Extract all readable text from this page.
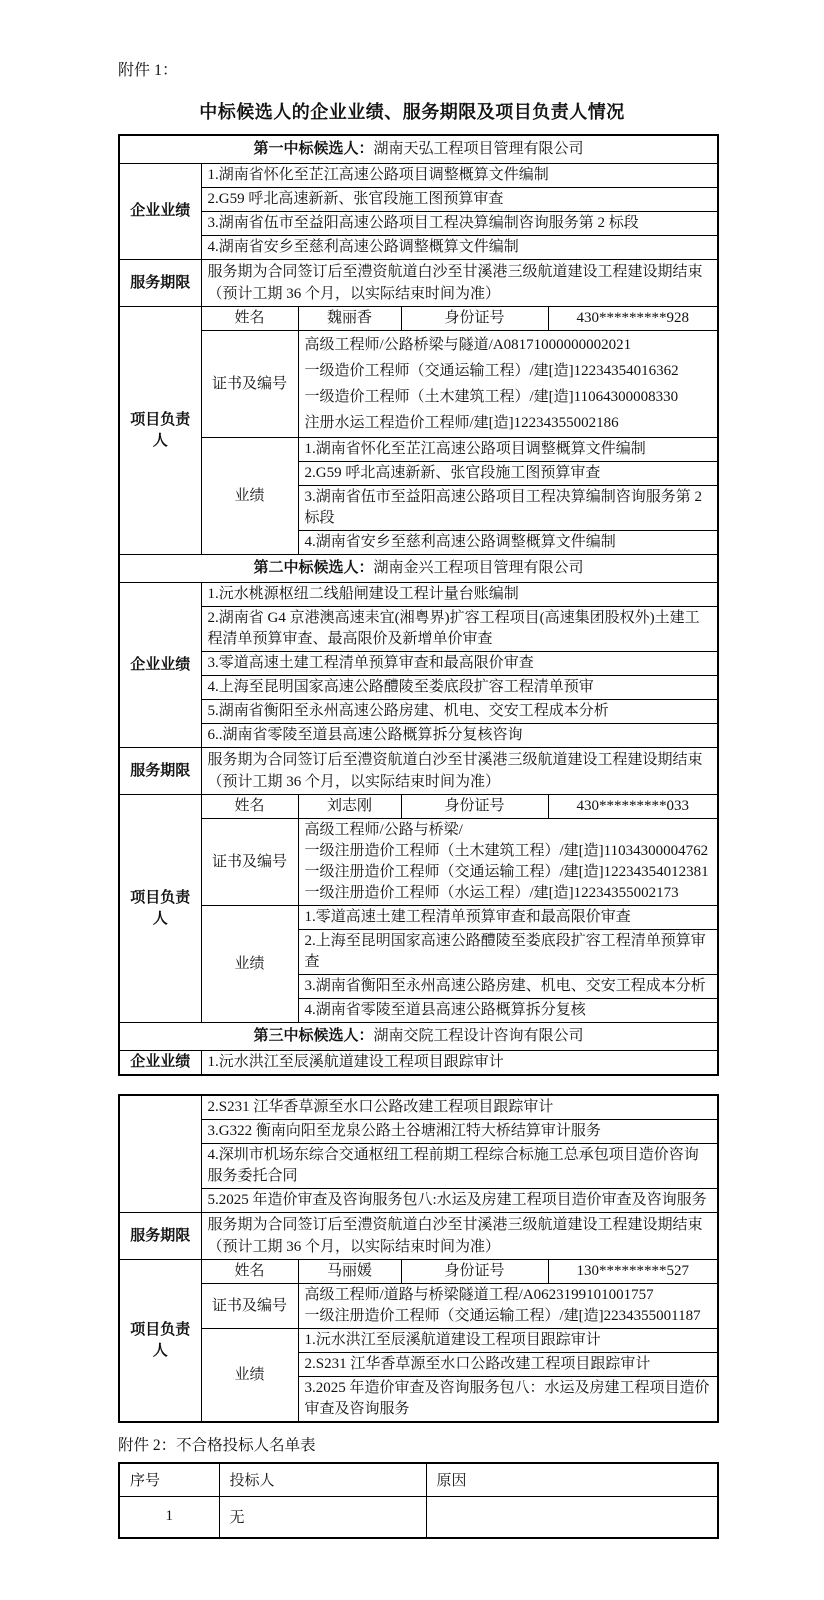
附件 1：

中标候选人的企业业绩、服务期限及项目负责人情况
第一中标候选人：湖南天弘工程项目管理有限公司				
企业业绩	1.湖南省怀化至芷江高速公路项目调整概算文件编制			
	2.G59 呼北高速新新、张官段施工图预算审查			
	3.湖南省伍市至益阳高速公路项目工程决算编制咨询服务第 2 标段			
	4.湖南省安乡至慈利高速公路调整概算文件编制			
服务期限	服务期为合同签订后至澧资航道白沙至甘溪港三级航道建设工程建设期结束（预计工期 36 个月，以实际结束时间为准）			
项目负责人	姓名	魏丽香	身份证号	430*********928
	证书及编号	高级工程师/公路桥梁与隧道/A08171000000002021

一级造价工程师（交通运输工程）/建[造]12234354016362

一级造价工程师（土木建筑工程）/建[造]11064300008330

注册水运工程造价工程师/建[造]12234355002186		

	业绩	1.湖南省怀化至芷江高速公路项目调整概算文件编制		
		2.G59 呼北高速新新、张官段施工图预算审查		
		3.湖南省伍市至益阳高速公路项目工程决算编制咨询服务第 2 标段		
		4.湖南省安乡至慈利高速公路调整概算文件编制		
第二中标候选人：湖南金兴工程项目管理有限公司				
企业业绩	1.沅水桃源枢纽二线船闸建设工程计量台账编制			
	2.湖南省 G4 京港澳高速耒宜(湘粤界)扩容工程项目(高速集团股权外)土建工程清单预算审查、最高限价及新增单价审查			
	3.零道高速土建工程清单预算审查和最高限价审查			
	4.上海至昆明国家高速公路醴陵至娄底段扩容工程清单预审			
	5.湖南省衡阳至永州高速公路房建、机电、交安工程成本分析			
	6..湖南省零陵至道县高速公路概算拆分复核咨询			
服务期限	服务期为合同签订后至澧资航道白沙至甘溪港三级航道建设工程建设期结束（预计工期 36 个月，以实际结束时间为准）			
项目负责人	姓名	刘志刚	身份证号	430*********033
	证书及编号	高级工程师/公路与桥梁/

一级注册造价工程师（土木建筑工程）/建[造]11034300004762

一级注册造价工程师（交通运输工程）/建[造]12234354012381

一级注册造价工程师（水运工程）/建[造]12234355002173		

	业绩	1.零道高速土建工程清单预算审查和最高限价审查		
		2.上海至昆明国家高速公路醴陵至娄底段扩容工程清单预算审查		
		3.湖南省衡阳至永州高速公路房建、机电、交安工程成本分析		
		4.湖南省零陵至道县高速公路概算拆分复核		
第三中标候选人：湖南交院工程设计咨询有限公司				
企业业绩	1.沅水洪江至辰溪航道建设工程项目跟踪审计			
	2.S231 江华香草源至水口公路改建工程项目跟踪审计			
	3.G322 衡南向阳至龙泉公路土谷塘湘江特大桥结算审计服务			
	4.深圳市机场东综合交通枢纽工程前期工程综合标施工总承包项目造价咨询服务委托合同			
	5.2025 年造价审查及咨询服务包八:水运及房建工程项目造价审查及咨询服务			
服务期限	服务期为合同签订后至澧资航道白沙至甘溪港三级航道建设工程建设期结束（预计工期 36 个月，以实际结束时间为准）			
项目负责人	姓名	马丽媛	身份证号	130*********527
	证书及编号	高级工程师/道路与桥梁隧道工程/A0623199101001757

一级注册造价工程师（交通运输工程）/建[造]2234355001187		

	业绩	1.沅水洪江至辰溪航道建设工程项目跟踪审计		
		2.S231 江华香草源至水口公路改建工程项目跟踪审计		
		3.2025 年造价审查及咨询服务包八：水运及房建工程项目造价审查及咨询服务		

附件 2：不合格投标人名单表

序号	投标人	原因
1	无	
